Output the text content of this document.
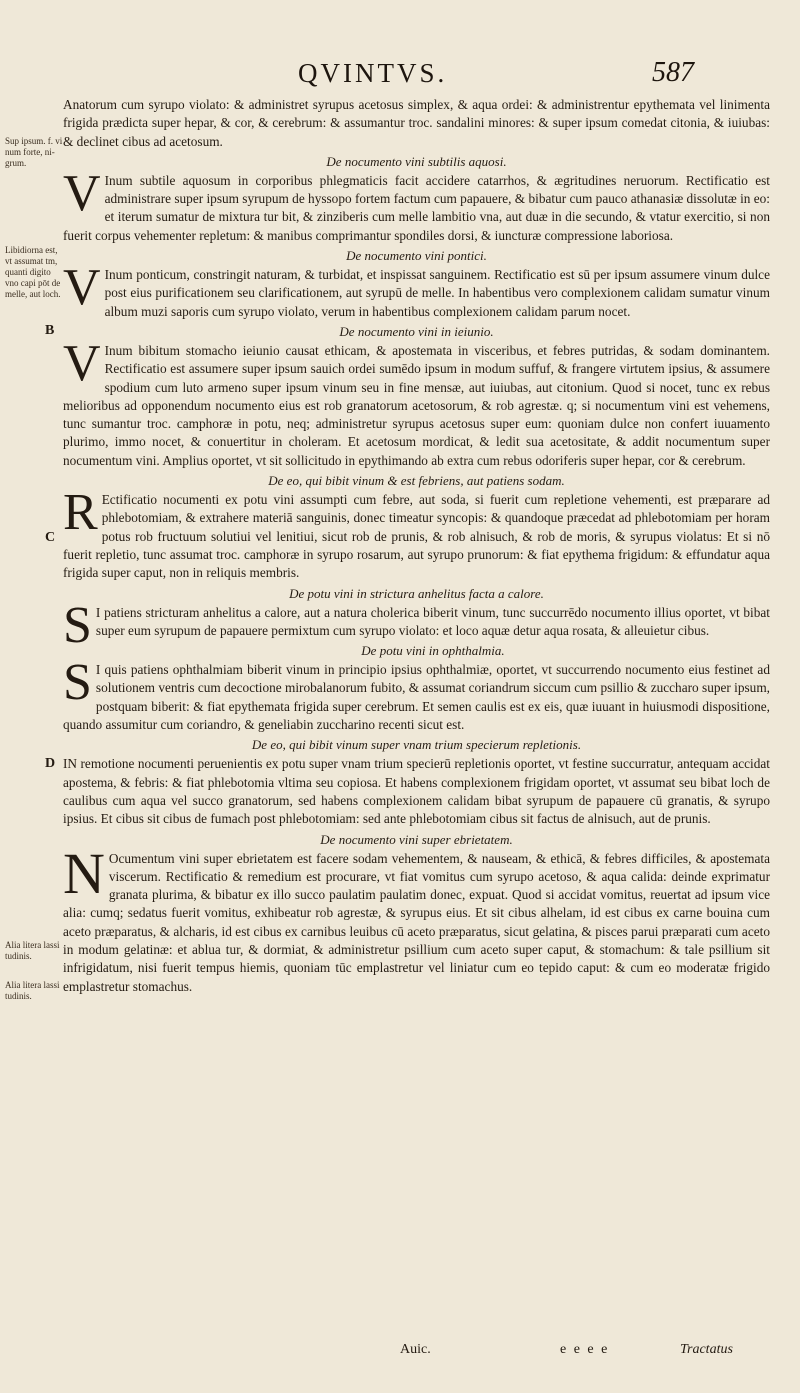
QVINTVS.	587
Sup ipsum. f. vi num forte, ni- grum.
Libidiorna est, vt assumat tm, quanti digito vno capi pōt de melle, aut loch.
Alia litera lassi tudinis.
Alia litera lassi tudinis.

Anatorum cum syrupo violato: & administret syrupus acetosus simplex, & aqua ordei: & administrentur epythemata vel linimenta frigida prædicta super hepar, & cor, & cerebrum: & assumantur troc. sandalini minores: & super ipsum comedat citonia, & iuiubas: & declinet cibus ad acetosum.

De nocumento vini subtilis aquosi.

VInum subtile aquosum in corporibus phlegmaticis facit accidere catarrhos, & ægritudines neruorum. Rectificatio est administrare super ipsum syrupum de hyssopo fortem factum cum papauere, & bibatur cum pauco athanasiæ dissolutæ in eo: et iterum sumatur de mixtura tur bit, & zinziberis cum melle lambitio vna, aut duæ in die secundo, & vtatur exercitio, si non fuerit corpus vehementer repletum: & manibus comprimantur spondiles dorsi, & iuncturæ compressione laboriosa.

De nocumento vini pontici.

VInum ponticum, constringit naturam, & turbidat, et inspissat sanguinem. Rectificatio est sū per ipsum assumere vinum dulce post eius purificationem seu clarificationem, aut syrupū de melle. In habentibus vero complexionem calidam sumatur vinum album muzi saporis cum syrupo violato, verum in habentibus complexionem calidam parum nocet.

De nocumento vini in ieiunio.

B

VInum bibitum stomacho ieiunio causat ethicam, & apostemata in visceribus, et febres putridas, & sodam dominantem. Rectificatio est assumere super ipsum sauich ordei sumēdo ipsum in modum suffuf, & frangere virtutem ipsius, & assumere spodium cum luto armeno super ipsum vinum seu in fine mensæ, aut iuiubas, aut citonium. Quod si nocet, tunc ex rebus melioribus ad opponendum nocumento eius est rob granatorum acetosorum, & rob agrestæ. q; si nocumentum vini est vehemens, tunc sumantur troc. camphoræ in potu, neq; administretur syrupus acetosus super eum: quoniam dulce non confert iuuamento plurimo, immo nocet, & conuertitur in choleram. Et acetosum mordicat, & ledit sua acetositate, & addit nocumentum super nocumentum vini. Amplius oportet, vt sit sollicitudo in epythimando ab extra cum rebus odoriferis super hepar, cor & cerebrum.

De eo, qui bibit vinum & est febriens, aut patiens sodam.

C REctificatio nocumenti ex potu vini assumpti cum febre, aut soda, si fuerit cum repletione vehementi, est præparare ad phlebotomiam, & extrahere materiā sanguinis, donec timeatur syncopis: & quandoque præcedat ad phlebotomiam per horam potus rob fructuum solutiui vel lenitiui, sicut rob de prunis, & rob alnisuch, & rob de moris, & syrupus violatus: Et si nō fuerit repletio, tunc assumat troc. camphoræ in syrupo rosarum, aut syrupo prunorum: & fiat epythema frigidum: & effundatur aqua frigida super caput, non in reliquis membris.

De potu vini in strictura anhelitus facta a calore.

SI patiens stricturam anhelitus a calore, aut a natura cholerica biberit vinum, tunc succurrēdo nocumento illius oportet, vt bibat super eum syrupum de papauere permixtum cum syrupo violato: et loco aquæ detur aqua rosata, & alleuietur cibus.

De potu vini in ophthalmia.

SI quis patiens ophthalmiam biberit vinum in principio ipsius ophthalmiæ, oportet, vt succurrendo nocumento eius festinet ad solutionem ventris cum decoctione mirobalanorum fubito, & assumat coriandrum siccum cum psillio & zuccharo super ipsum, postquam biberit: & fiat epythemata frigida super cerebrum. Et semen caulis est ex eis, quæ iuuant in huiusmodi dispositione, quando assumitur cum coriandro, & geneliabin zuccharino recenti sicut est.

De eo, qui bibit vinum super vnam trium specierum repletionis.

D IN remotione nocumenti peruenientis ex potu super vnam trium specierū repletionis oportet, vt festine succurratur, antequam accidat apostema, & febris: & fiat phlebotomia vltima seu copiosa. Et habens complexionem frigidam oportet, vt assumat seu bibat loch de caulibus cum aqua vel succo granatorum, sed habens complexionem calidam bibat syrupum de papauere cū granatis, & syrupo ipsius. Et cibus sit cibus de fumach post phlebotomiam: sed ante phlebotomiam cibus sit factus de alnisuch, aut de prunis.

De nocumento vini super ebrietatem.

NOcumentum vini super ebrietatem est facere sodam vehementem, & nauseam, & ethicā, & febres difficiles, & apostemata viscerum. Rectificatio & remedium est procurare, vt fiat vomitus cum syrupo acetoso, & aqua calida: deinde exprimatur granata plurima, & bibatur ex illo succo paulatim paulatim donec, expuat. Quod si accidat vomitus, reuertat ad ipsum vice alia: cumq; sedatus fuerit vomitus, exhibeatur rob agrestæ, & syrupus eius. Et sit cibus alhelam, id est cibus ex carne bouina cum aceto præparatus, & alcharis, id est cibus ex carnibus leuibus cū aceto præparatus, sicut gelatina, & pisces parui præparati cum aceto in modum gelatinæ: et ablua tur, & dormiat, & administretur psillium cum aceto super caput, & stomachum: & tale psillium sit infrigidatum, nisi fuerit tempus hiemis, quoniam tūc emplastretur vel liniatur cum eo tepido caput: & cum eo moderatæ frigido emplastretur stomachus.

Auic.	e e e e	Tractatus
